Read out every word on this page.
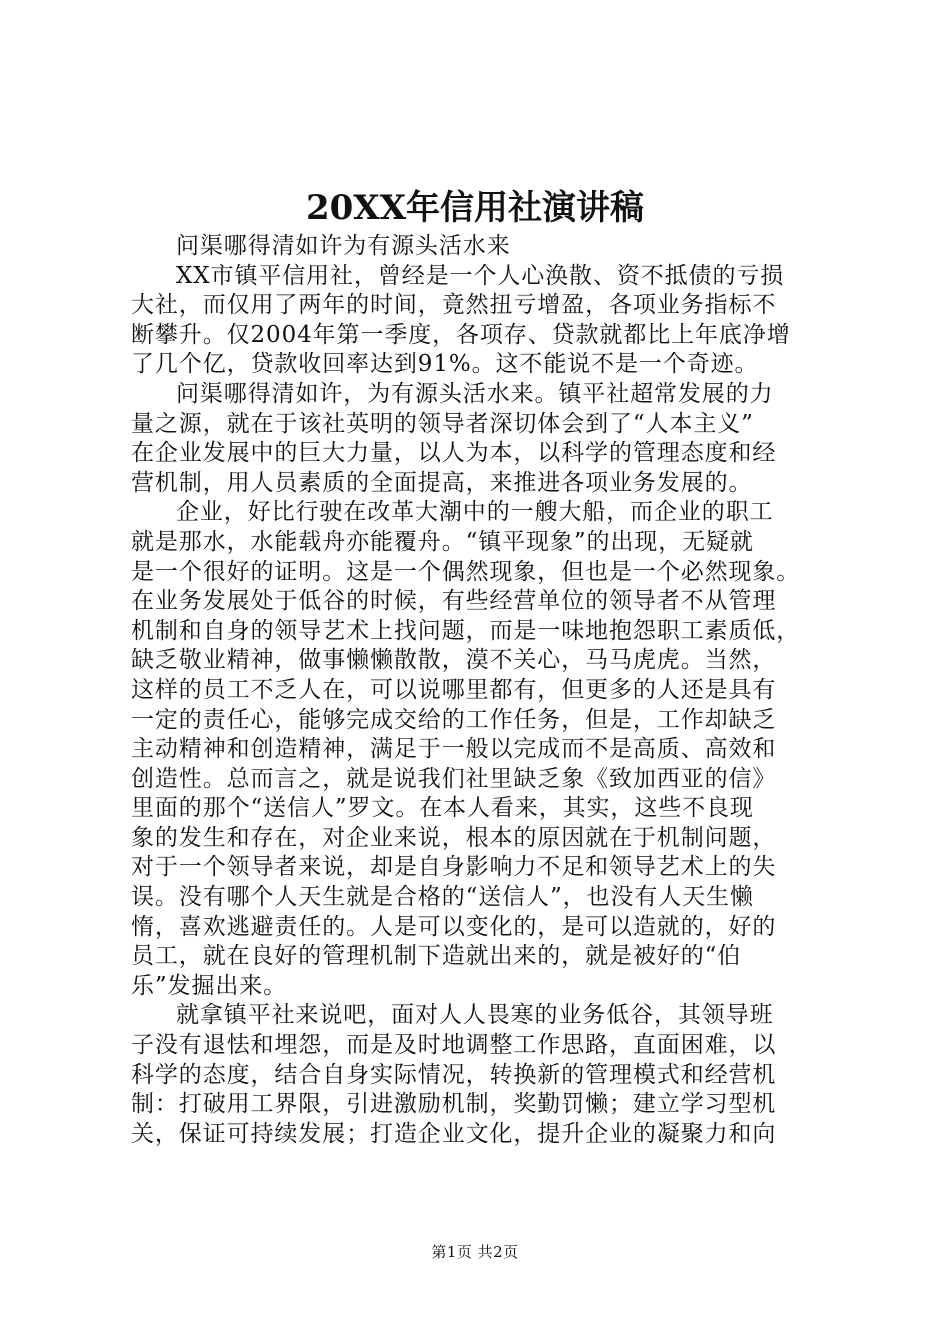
20XX年信用社演讲稿
问渠哪得清如许为有源头活水来
XX市镇平信用社，曾经是一个人心涣散、资不抵债的亏损
大社，而仅用了两年的时间，竟然扭亏增盈，各项业务指标不
断攀升。仅2004年第一季度，各项存、贷款就都比上年底净增
了几个亿，贷款收回率达到91%。这不能说不是一个奇迹。
问渠哪得清如许，为有源头活水来。镇平社超常发展的力
量之源，就在于该社英明的领导者深切体会到了“人本主义”
在企业发展中的巨大力量，以人为本，以科学的管理态度和经
营机制，用人员素质的全面提高，来推进各项业务发展的。
企业，好比行驶在改革大潮中的一艘大船，而企业的职工
就是那水，水能载舟亦能覆舟。“镇平现象”的出现，无疑就
是一个很好的证明。这是一个偶然现象，但也是一个必然现象。
在业务发展处于低谷的时候，有些经营单位的领导者不从管理
机制和自身的领导艺术上找问题，而是一味地抱怨职工素质低，
缺乏敬业精神，做事懒懒散散，漠不关心，马马虎虎。当然，
这样的员工不乏人在，可以说哪里都有，但更多的人还是具有
一定的责任心，能够完成交给的工作任务，但是，工作却缺乏
主动精神和创造精神，满足于一般以完成而不是高质、高效和
创造性。总而言之，就是说我们社里缺乏象《致加西亚的信》
里面的那个“送信人”罗文。在本人看来，其实，这些不良现
象的发生和存在，对企业来说，根本的原因就在于机制问题，
对于一个领导者来说，却是自身影响力不足和领导艺术上的失
误。没有哪个人天生就是合格的“送信人”，也没有人天生懒
惰，喜欢逃避责任的。人是可以变化的，是可以造就的，好的
员工，就在良好的管理机制下造就出来的，就是被好的“伯
乐”发掘出来。
就拿镇平社来说吧，面对人人畏寒的业务低谷，其领导班
子没有退怯和埋怨，而是及时地调整工作思路，直面困难，以
科学的态度，结合自身实际情况，转换新的管理模式和经营机
制：打破用工界限，引进激励机制，奖勤罚懒；建立学习型机
关，保证可持续发展；打造企业文化，提升企业的凝聚力和向
第1页 共2页
